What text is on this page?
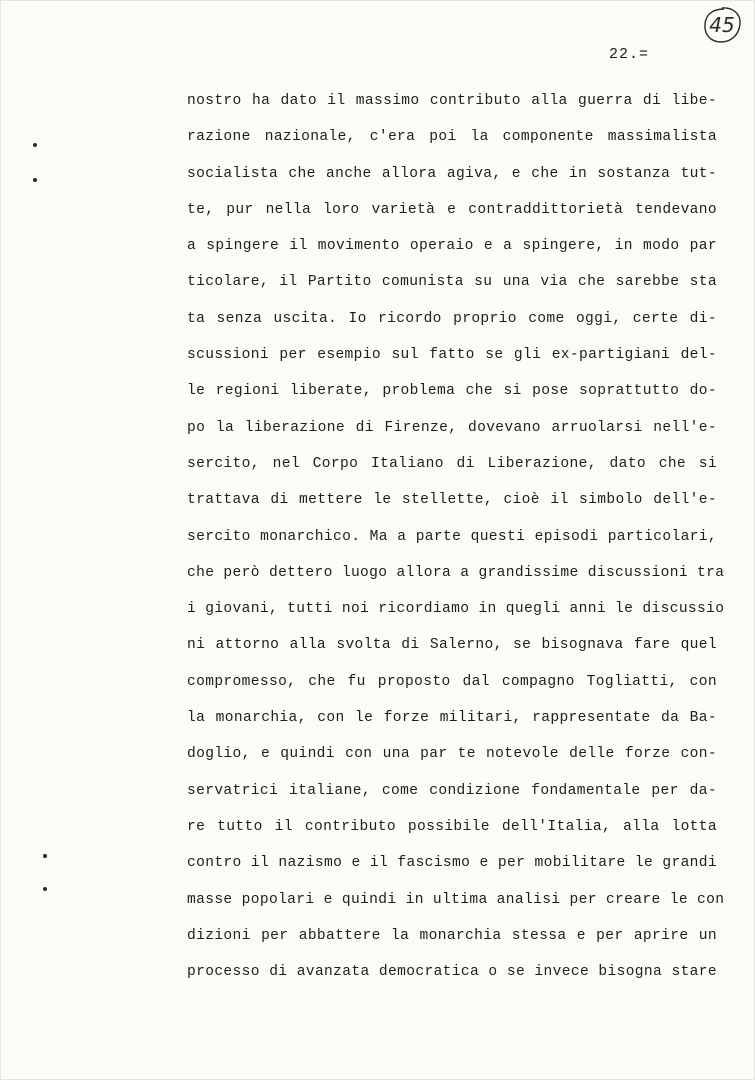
45
22.=
nostro ha dato il massimo contributo alla guerra di libe-
razione nazionale, c'era poi la componente massimalista
socialista che anche allora agiva, e che in sostanza tut-
te, pur nella loro varietà e contraddittorietà tendevano
a spingere il movimento operaio e a spingere, in modo par
ticolare, il Partito comunista su una via che sarebbe sta
ta senza uscita. Io ricordo proprio come oggi, certe di-
scussioni per esempio sul fatto se gli ex-partigiani del-
le regioni liberate, problema che si pose soprattutto do-
po la liberazione di Firenze, dovevano arruolarsi nell'e-
sercito, nel Corpo Italiano di Liberazione, dato che si
trattava di mettere le stellette, cioè il simbolo dell'e-
sercito monarchico. Ma a parte questi episodi particolari,
che però dettero luogo allora a grandissime discussioni tra
i giovani, tutti noi ricordiamo in quegli anni le discussio
ni attorno alla svolta di Salerno, se bisognava fare quel
compromesso, che fu proposto dal compagno Togliatti, con
la monarchia, con le forze militari, rappresentate da Ba-
doglio, e quindi con una par te notevole delle forze con-
servatrici italiane, come condizione fondamentale per da-
re tutto il contributo possibile dell'Italia, alla lotta
contro il nazismo e il fascismo e per mobilitare le grandi
masse popolari e quindi in ultima analisi per creare le con
dizioni per abbattere la monarchia stessa e per aprire un
processo di avanzata democratica o se invece bisogna stare
